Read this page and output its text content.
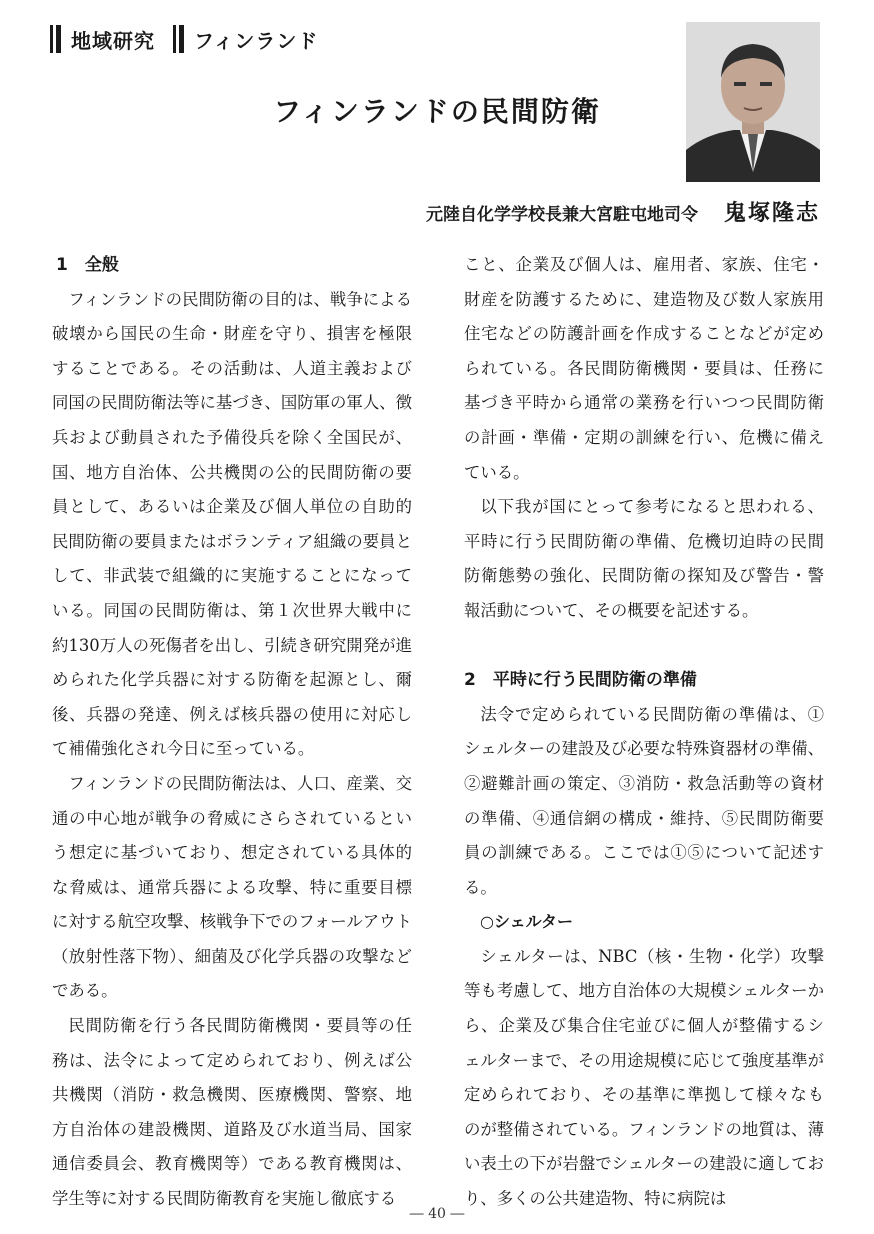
地域研究 フィンランド
フィンランドの民間防衛
元陸自化学学校長兼大宮駐屯地司令 鬼塚隆志
1　全般

フィンランドの民間防衛の目的は、戦争による破壊から国民の生命・財産を守り、損害を極限することである。その活動は、人道主義および同国の民間防衛法等に基づき、国防軍の軍人、徴兵および動員された予備役兵を除く全国民が、国、地方自治体、公共機関の公的民間防衛の要員として、あるいは企業及び個人単位の自助的民間防衛の要員またはボランティア組織の要員として、非武装で組織的に実施することになっている。同国の民間防衛は、第１次世界大戦中に約130万人の死傷者を出し、引続き研究開発が進められた化学兵器に対する防衛を起源とし、爾後、兵器の発達、例えば核兵器の使用に対応して補備強化され今日に至っている。

フィンランドの民間防衛法は、人口、産業、交通の中心地が戦争の脅威にさらされているという想定に基づいており、想定されている具体的な脅威は、通常兵器による攻撃、特に重要目標に対する航空攻撃、核戦争下でのフォールアウト（放射性落下物）、細菌及び化学兵器の攻撃などである。

民間防衛を行う各民間防衛機関・要員等の任務は、法令によって定められており、例えば公共機関（消防・救急機関、医療機関、警察、地方自治体の建設機関、道路及び水道当局、国家通信委員会、教育機関等）である教育機関は、学生等に対する民間防衛教育を実施し徹底する

こと、企業及び個人は、雇用者、家族、住宅・財産を防護するために、建造物及び数人家族用住宅などの防護計画を作成することなどが定められている。各民間防衛機関・要員は、任務に基づき平時から通常の業務を行いつつ民間防衛の計画・準備・定期の訓練を行い、危機に備えている。

以下我が国にとって参考になると思われる、平時に行う民間防衛の準備、危機切迫時の民間防衛態勢の強化、民間防衛の探知及び警告・警報活動について、その概要を記述する。

2　平時に行う民間防衛の準備

法令で定められている民間防衛の準備は、①シェルターの建設及び必要な特殊資器材の準備、②避難計画の策定、③消防・救急活動等の資材の準備、④通信網の構成・維持、⑤民間防衛要員の訓練である。ここでは①⑤について記述する。

○シェルター

シェルターは、NBC（核・生物・化学）攻撃等も考慮して、地方自治体の大規模シェルターから、企業及び集合住宅並びに個人が整備するシェルターまで、その用途規模に応じて強度基準が定められており、その基準に準拠して様々なものが整備されている。フィンランドの地質は、薄い表土の下が岩盤でシェルターの建設に適しており、多くの公共建造物、特に病院は

― 40 ―
